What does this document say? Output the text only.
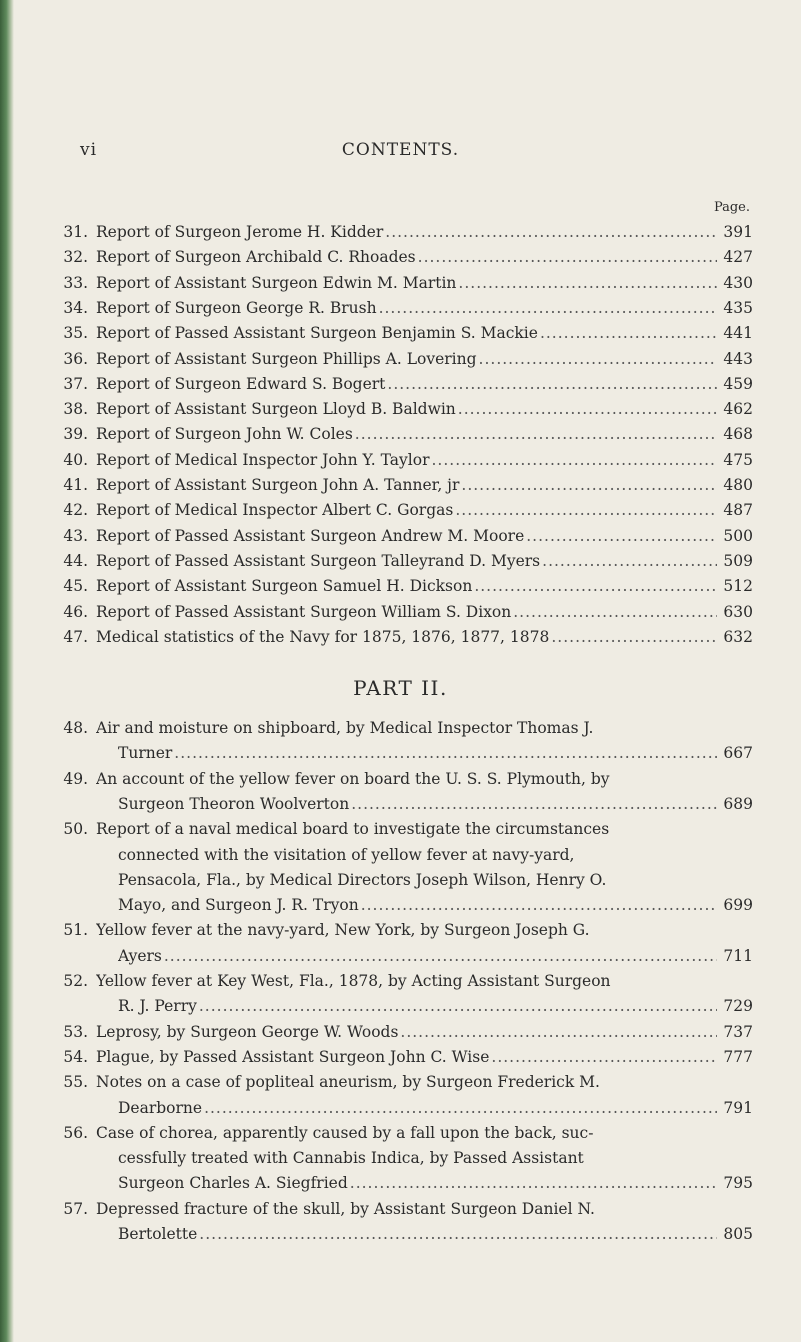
vi	CONTENTS.
Page.
31. Report of Surgeon Jerome H. Kidder .....	391
32. Report of Surgeon Archibald C. Rhoades .....	427
33. Report of Assistant Surgeon Edwin M. Martin .....	430
34. Report of Surgeon George R. Brush .....	435
35. Report of Passed Assistant Surgeon Benjamin S. Mackie .....	441
36. Report of Assistant Surgeon Phillips A. Lovering .....	443
37. Report of Surgeon Edward S. Bogert .....	459
38. Report of Assistant Surgeon Lloyd B. Baldwin .....	462
39. Report of Surgeon John W. Coles .....	468
40. Report of Medical Inspector John Y. Taylor .....	475
41. Report of Assistant Surgeon John A. Tanner, jr .....	480
42. Report of Medical Inspector Albert C. Gorgas .....	487
43. Report of Passed Assistant Surgeon Andrew M. Moore .....	500
44. Report of Passed Assistant Surgeon Talleyrand D. Myers .....	509
45. Report of Assistant Surgeon Samuel H. Dickson .....	512
46. Report of Passed Assistant Surgeon William S. Dixon .....	630
47. Medical statistics of the Navy for 1875, 1876, 1877, 1878 .....	632
PART II.
48. Air and moisture on shipboard, by Medical Inspector Thomas J.
Turner .....	667
49. An account of the yellow fever on board the U. S. S. Plymouth, by
Surgeon Theoron Woolverton .....	689
50. Report of a naval medical board to investigate the circumstances
connected with the visitation of yellow fever at navy-yard,
Pensacola, Fla., by Medical Directors Joseph Wilson, Henry O.
Mayo, and Surgeon J. R. Tryon .....	699
51. Yellow fever at the navy-yard, New York, by Surgeon Joseph G.
Ayers .....	711
52. Yellow fever at Key West, Fla., 1878, by Acting Assistant Surgeon
R. J. Perry .....	729
53. Leprosy, by Surgeon George W. Woods .....	737
54. Plague, by Passed Assistant Surgeon John C. Wise .....	777
55. Notes on a case of popliteal aneurism, by Surgeon Frederick M.
Dearborne .....	791
56. Case of chorea, apparently caused by a fall upon the back, suc-
cessfully treated with Cannabis Indica, by Passed Assistant
Surgeon Charles A. Siegfried .....	795
57. Depressed fracture of the skull, by Assistant Surgeon Daniel N.
Bertolette .....	805
